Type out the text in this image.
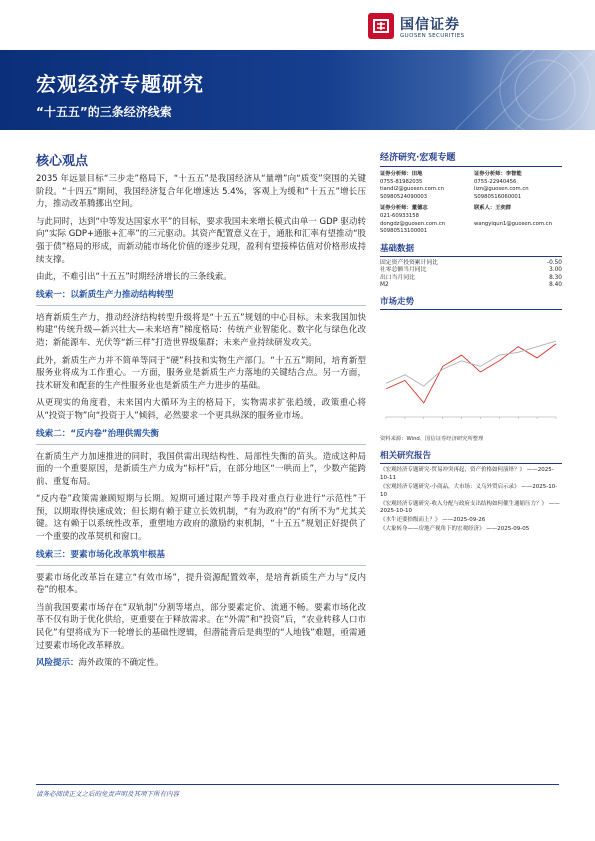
国信证券
GUOSEN SECURITIES
宏观经济专题研究
“十五五”的三条经济线索
核心观点

2035 年远景目标“三步走”格局下，“十五五”是我国经济从“量增”向“质变”突围的关键阶段。“十四五”期间，我国经济复合年化增速达 5.4%，客观上为缓和“十五五”增长压力，推动改革腾挪出空间。

与此同时，达到“中等发达国家水平”的目标，要求我国未来增长模式由单一 GDP 驱动转向“实际 GDP+通胀+汇率”的三元驱动。其资产配置意义在于，通胀和汇率有望推动“股强于债”格局的形成，而新动能市场化价值的逐步兑现，盈利有望接棒估值对价格形成持续支撑。

由此，不难引出“十五五”时期经济增长的三条线索。

线索一：以新质生产力推动结构转型

培育新质生产力，推动经济结构转型升级将是“十五五”规划的中心目标。未来我国加快构建“传统升级—新兴壮大—未来培育”梯度格局：传统产业智能化、数字化与绿色化改造；新能源车、光伏等“新三样”打造世界级集群；未来产业持续研发攻关。

此外，新质生产力并不简单等同于“硬”科技和实物生产部门。“十五五”期间，培育新型服务业将成为工作重心。一方面，服务业是新质生产力落地的关键结合点。另一方面，技术研发和配套的生产性服务业也是新质生产力进步的基础。

从更现实的角度看，未来国内大循环为主的格局下，实物需求扩张趋缓，政策重心将从“投资于物”向“投资于人”倾斜，必然要求一个更具纵深的服务业市场。

线索二：“反内卷”治理供需失衡

在新质生产力加速推进的同时，我国供需出现结构性、局部性失衡的苗头。造成这种局面的一个重要原因，是新质生产力成为“标杆”后，在部分地区“一哄而上”，少数产能跨前、重复布局。

“反内卷”政策需兼顾短期与长期。短期可通过限产等手段对重点行业进行“示范性”干预，以期取得快速成效；但长期有赖于建立长效机制，“有为政府”的“有所不为”尤其关键。这有赖于以系统性改革，重塑地方政府的激励约束机制，“十五五”规划正好提供了一个重要的改革契机和窗口。

线索三：要素市场化改革筑牢根基

要素市场化改革旨在建立“有效市场”，提升资源配置效率，是培育新质生产力与“反内卷”的根本。

当前我国要素市场存在“双轨制”分割等堵点，部分要素定价、流通不畅。要素市场化改革不仅有助于优化供给，更重要在于释放需求。在“外需”和“投资”后，“农业转移人口市民化”有望将成为下一轮增长的基础性逻辑，但潜能背后是典型的“人地钱”难题，亟需通过要素市场化改革释放。

风险提示：海外政策的不确定性。
经济研究·宏观专题
证券分析师：田地
0755-81982035
tiandi2@guosen.com.cn
S0980524090003
证券分析师：李智能
0755-22940456
lizn@guosen.com.cn
S0980516060001
证券分析师：董德志
021-60933158
dongdz@guosen.com.cn
S0980513100001
联系人：王奕群

wangyiqun1@guosen.com.cn
基础数据
固定资产投资累计同比	-0.50
社零总额当月同比	3.00
出口当月同比	8.30
M2	8.40
市场走势
资料来源：Wind、国信证券经济研究所整理
相关研究报告
《宏观经济专题研究-贸易冲突再起，资产价格如何演绎？》 ——2025-10-11
《宏观经济专题研究-小商品，大市场：义乌外贸启示录》 ——2025-10-10
《宏观经济专题研究-收入分配与政府支出结构如何催生通缩压力？》 ——2025-10-10
《水牛还要拾级而上？》 ——2025-09-26
《大象转身——房地产视角下的宏观经济》 ——2025-09-05
请务必阅读正文之后的免责声明及其项下所有内容
